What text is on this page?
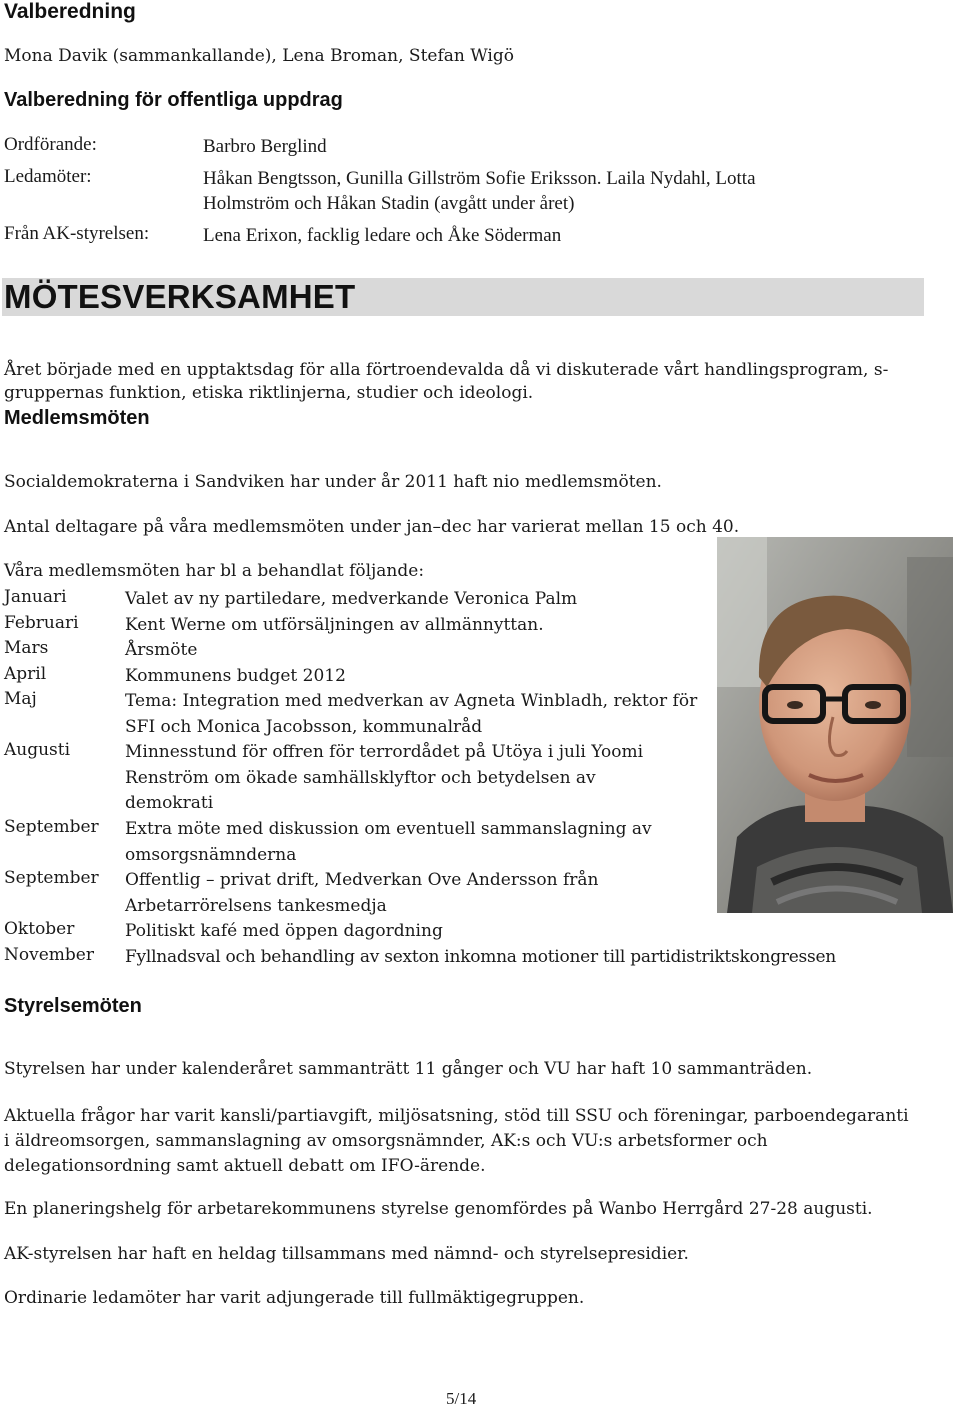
Valberedning

Mona Davik (sammankallande), Lena Broman, Stefan Wigö

Valberedning för offentliga uppdrag
Ordförande:	Barbro Berglind
Ledamöter:	Håkan Bengtsson, Gunilla Gillström Sofie Eriksson. Laila Nydahl, Lotta Holmström och Håkan Stadin (avgått under året)
Från AK-styrelsen:	Lena Erixon, facklig ledare och Åke Söderman
MÖTESVERKSAMHET

Året började med en upptaktsdag för alla förtroendevalda då vi diskuterade vårt handlingsprogram, s-gruppernas funktion, etiska riktlinjerna, studier och ideologi.

Medlemsmöten

Socialdemokraterna i Sandviken har under år 2011 haft nio medlemsmöten.

Antal deltagare på våra medlemsmöten under jan–dec har varierat mellan 15 och 40.

Våra medlemsmöten har bl a behandlat följande:

Januari	Valet av ny partiledare, medverkande Veronica Palm
Februari	Kent Werne om utförsäljningen av allmännyttan.
Mars	Årsmöte
April	Kommunens budget 2012
Maj	Tema: Integration med medverkan av Agneta Winbladh, rektor för SFI och Monica Jacobsson, kommunalråd
Augusti	Minnesstund för offren för terrordådet på Utöya i juli Yoomi Renström om ökade samhällsklyftor och betydelsen av demokrati
September Extra möte med diskussion om eventuell sammanslagning av omsorgsnämnderna
September Offentlig – privat drift, Medverkan Ove Andersson från Arbetarrörelsens tankesmedja
Oktober	Politiskt kafé med öppen dagordning
November Fyllnadsval och behandling av sexton inkomna motioner till partidistriktskongressen
Styrelsemöten

Styrelsen har under kalenderåret sammanträtt 11 gånger och VU har haft 10 sammanträden.

Aktuella frågor har varit kansli/partiavgift, miljösatsning, stöd till SSU och föreningar, parboendegaranti i äldreomsorgen, sammanslagning av omsorgsnämnder, AK:s och VU:s arbetsformer och delegationsordning samt aktuell debatt om IFO-ärende.

En planeringshelg för arbetarekommunens styrelse genomfördes på Wanbo Herrgård 27-28 augusti.

AK-styrelsen har haft en heldag tillsammans med nämnd- och styrelsepresidier.

Ordinarie ledamöter har varit adjungerade till fullmäktigegruppen.

5/14
